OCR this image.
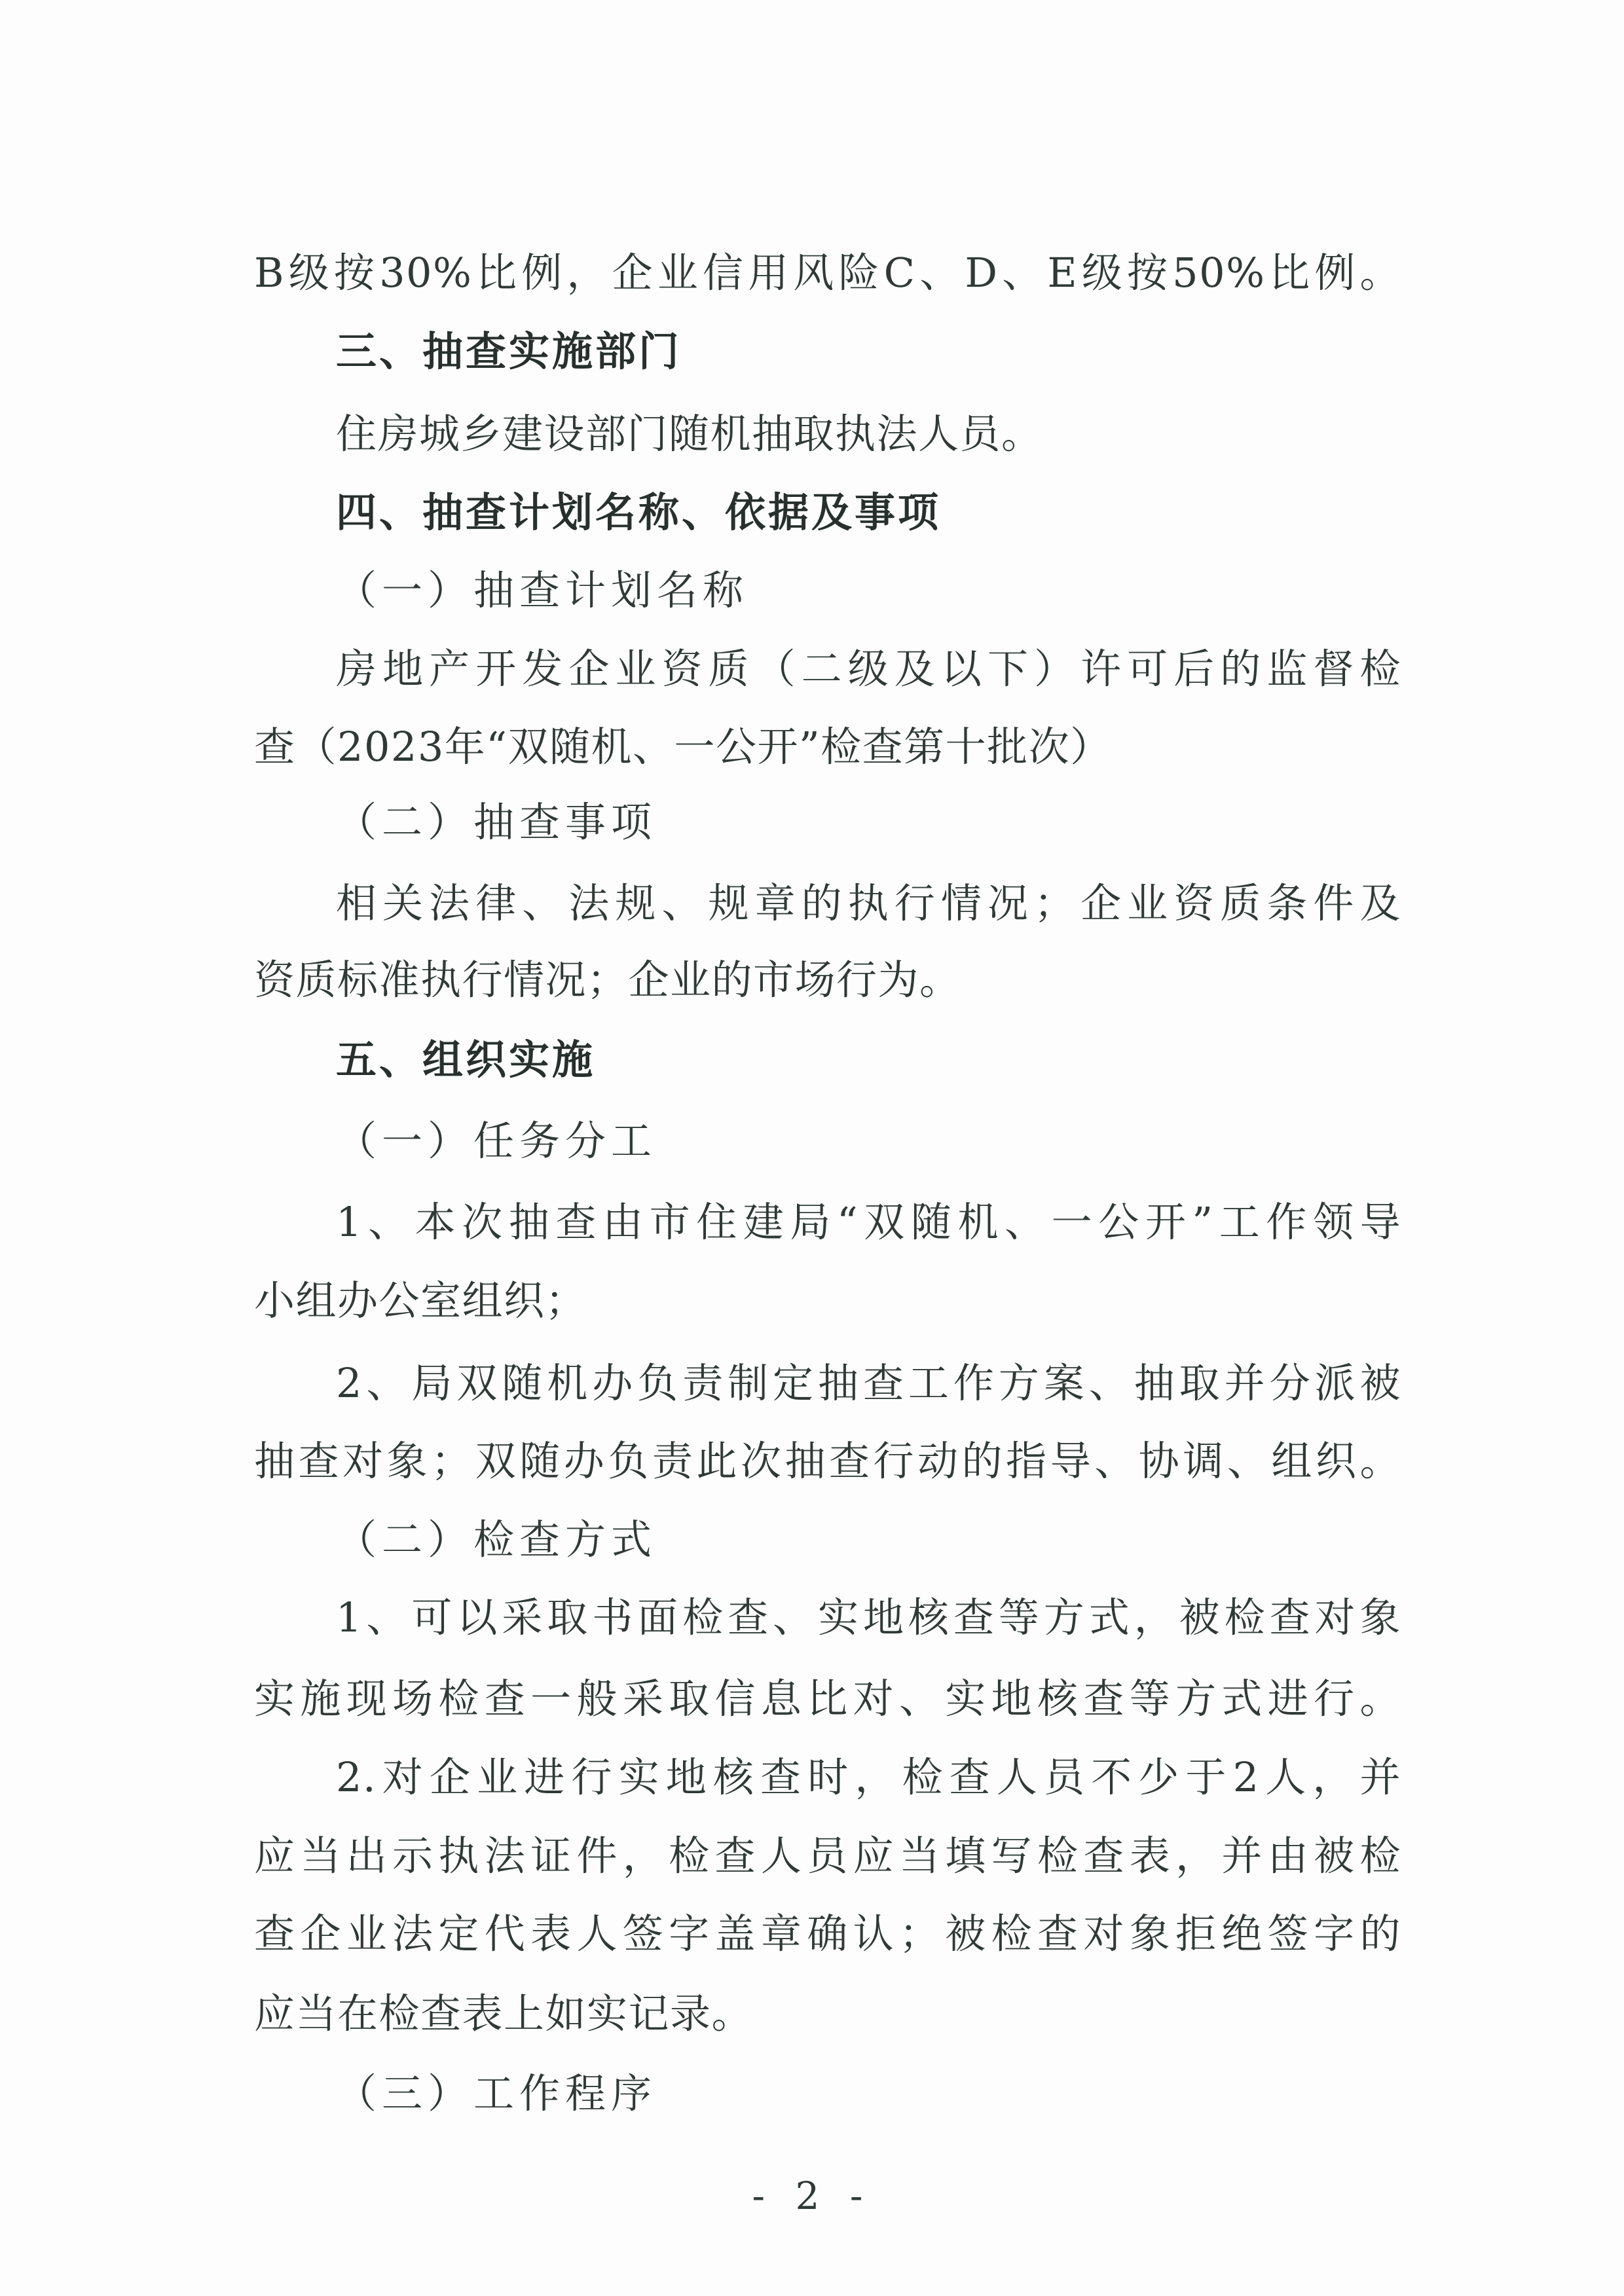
B级按30%比例，企业信用风险C、D、E级按50%比例。
三、抽查实施部门
住房城乡建设部门随机抽取执法人员。
四、抽查计划名称、依据及事项
（一）抽查计划名称
房地产开发企业资质（二级及以下）许可后的监督检
查（2023年“双随机、一公开”检查第十批次）
（二）抽查事项
相关法律、法规、规章的执行情况；企业资质条件及
资质标准执行情况；企业的市场行为。
五、组织实施
（一）任务分工
1、本次抽查由市住建局“双随机、一公开”工作领导
小组办公室组织；
2、局双随机办负责制定抽查工作方案、抽取并分派被
抽查对象；双随办负责此次抽查行动的指导、协调、组织。
（二）检查方式
1、可以采取书面检查、实地核查等方式，被检查对象
实施现场检查一般采取信息比对、实地核查等方式进行。
2.对企业进行实地核查时，检查人员不少于2人，并
应当出示执法证件，检查人员应当填写检查表，并由被检
查企业法定代表人签字盖章确认；被检查对象拒绝签字的
应当在检查表上如实记录。
（三）工作程序
- 2 -
